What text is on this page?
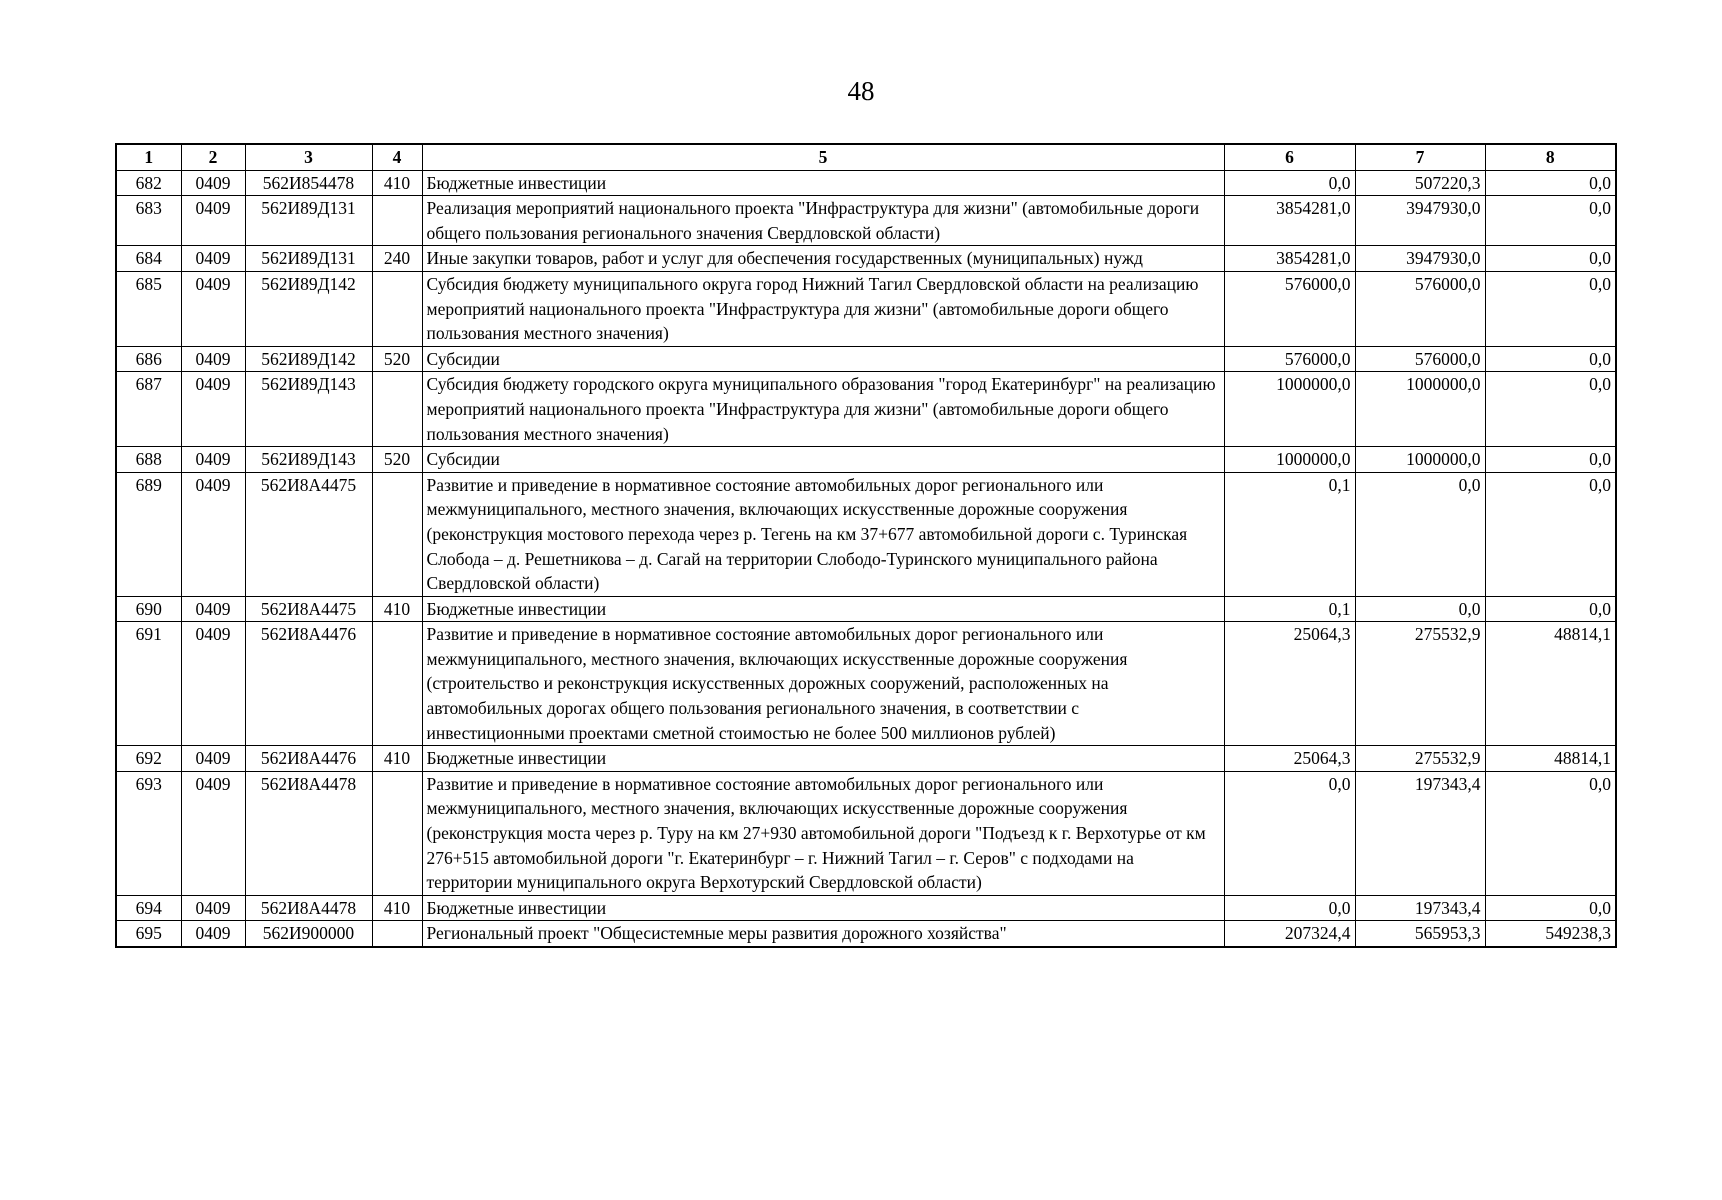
48
1	2	3	4	5	6	7	8
682	0409	562И854478	410	Бюджетные инвестиции	0,0	507220,3	0,0
683	0409	562И89Д131		Реализация мероприятий национального проекта "Инфраструктура для жизни" (автомобильные дороги общего пользования регионального значения Свердловской области)	3854281,0	3947930,0	0,0
684	0409	562И89Д131	240	Иные закупки товаров, работ и услуг для обеспечения государственных (муниципальных) нужд	3854281,0	3947930,0	0,0
685	0409	562И89Д142		Субсидия бюджету муниципального округа город Нижний Тагил Свердловской области на реализацию мероприятий национального проекта "Инфраструктура для жизни" (автомобильные дороги общего пользования местного значения)	576000,0	576000,0	0,0
686	0409	562И89Д142	520	Субсидии	576000,0	576000,0	0,0
687	0409	562И89Д143		Субсидия бюджету городского округа муниципального образования "город Екатеринбург" на реализацию мероприятий национального проекта "Инфраструктура для жизни" (автомобильные дороги общего пользования местного значения)	1000000,0	1000000,0	0,0
688	0409	562И89Д143	520	Субсидии	1000000,0	1000000,0	0,0
689	0409	562И8А4475		Развитие и приведение в нормативное состояние автомобильных дорог регионального или межмуниципального, местного значения, включающих искусственные дорожные сооружения (реконструкция мостового перехода через р. Тегень на км 37+677 автомобильной дороги с. Туринская Слобода – д. Решетникова – д. Сагай на территории Слободо-Туринского муниципального района Свердловской области)	0,1	0,0	0,0
690	0409	562И8А4475	410	Бюджетные инвестиции	0,1	0,0	0,0
691	0409	562И8А4476		Развитие и приведение в нормативное состояние автомобильных дорог регионального или межмуниципального, местного значения, включающих искусственные дорожные сооружения (строительство и реконструкция искусственных дорожных сооружений, расположенных на автомобильных дорогах общего пользования регионального значения, в соответствии с инвестиционными проектами сметной стоимостью не более 500 миллионов рублей)	25064,3	275532,9	48814,1
692	0409	562И8А4476	410	Бюджетные инвестиции	25064,3	275532,9	48814,1
693	0409	562И8А4478		Развитие и приведение в нормативное состояние автомобильных дорог регионального или межмуниципального, местного значения, включающих искусственные дорожные сооружения (реконструкция моста через р. Туру на км 27+930 автомобильной дороги "Подъезд к г. Верхотурье от км 276+515 автомобильной дороги "г. Екатеринбург – г. Нижний Тагил – г. Серов" с подходами на территории муниципального округа Верхотурский Свердловской области)	0,0	197343,4	0,0
694	0409	562И8А4478	410	Бюджетные инвестиции	0,0	197343,4	0,0
695	0409	562И900000		Региональный проект "Общесистемные меры развития дорожного хозяйства"	207324,4	565953,3	549238,3
